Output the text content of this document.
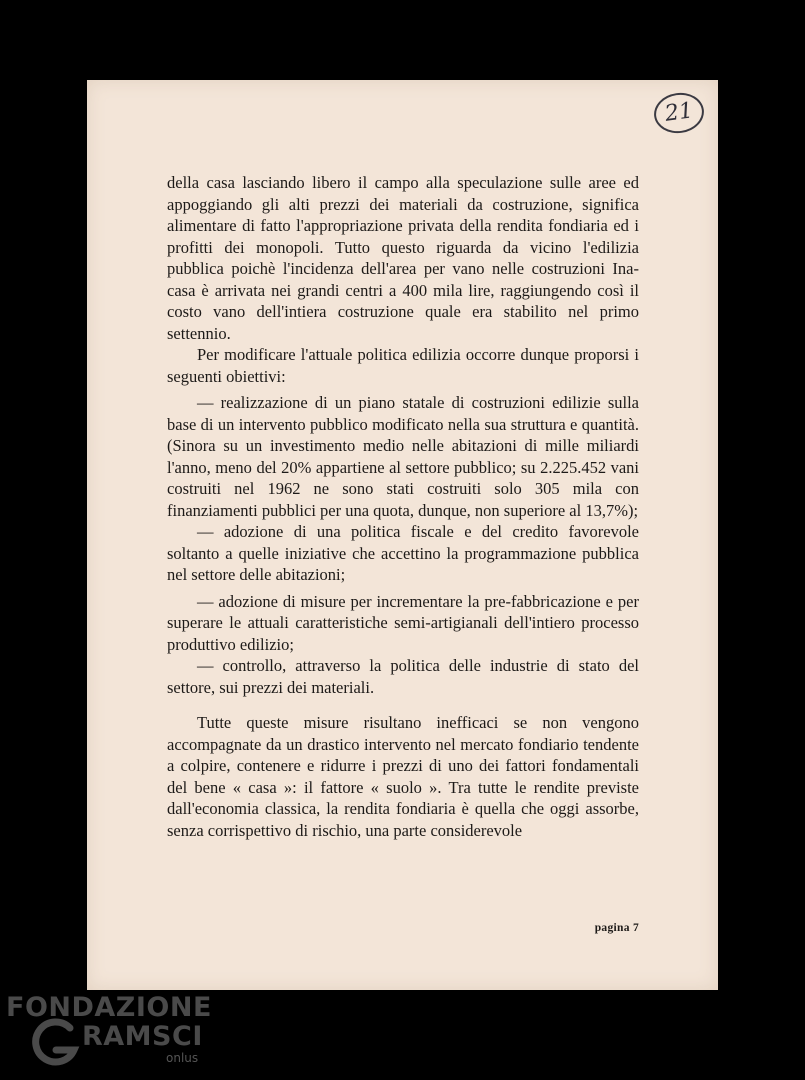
21

della casa lasciando libero il campo alla speculazione sulle aree ed appoggiando gli alti prezzi dei materiali da costruzione, significa alimentare di fatto l'appropriazione privata della rendita fondiaria ed i profitti dei monopoli. Tutto questo riguarda da vicino l'edilizia pubblica poichè l'incidenza dell'area per vano nelle costruzioni Ina-casa è arrivata nei grandi centri a 400 mila lire, raggiungendo così il costo vano dell'intiera costruzione quale era stabilito nel primo settennio.

Per modificare l'attuale politica edilizia occorre dunque proporsi i seguenti obiettivi:

— realizzazione di un piano statale di costruzioni edilizie sulla base di un intervento pubblico modificato nella sua struttura e quantità. (Sinora su un investimento medio nelle abitazioni di mille miliardi l'anno, meno del 20% appartiene al settore pubblico; su 2.225.452 vani costruiti nel 1962 ne sono stati costruiti solo 305 mila con finanziamenti pubblici per una quota, dunque, non superiore al 13,7%);

— adozione di una politica fiscale e del credito favorevole soltanto a quelle iniziative che accettino la programmazione pubblica nel settore delle abitazioni;

— adozione di misure per incrementare la pre-fabbricazione e per superare le attuali caratteristiche semi-artigianali dell'intiero processo produttivo edilizio;

— controllo, attraverso la politica delle industrie di stato del settore, sui prezzi dei materiali.

Tutte queste misure risultano inefficaci se non vengono accompagnate da un drastico intervento nel mercato fondiario tendente a colpire, contenere e ridurre i prezzi di uno dei fattori fondamentali del bene « casa »: il fattore « suolo ». Tra tutte le rendite previste dall'economia classica, la rendita fondiaria è quella che oggi assorbe, senza corrispettivo di rischio, una parte considerevole

pagina 7
FONDAZIONE
RAMSCI
onlus
